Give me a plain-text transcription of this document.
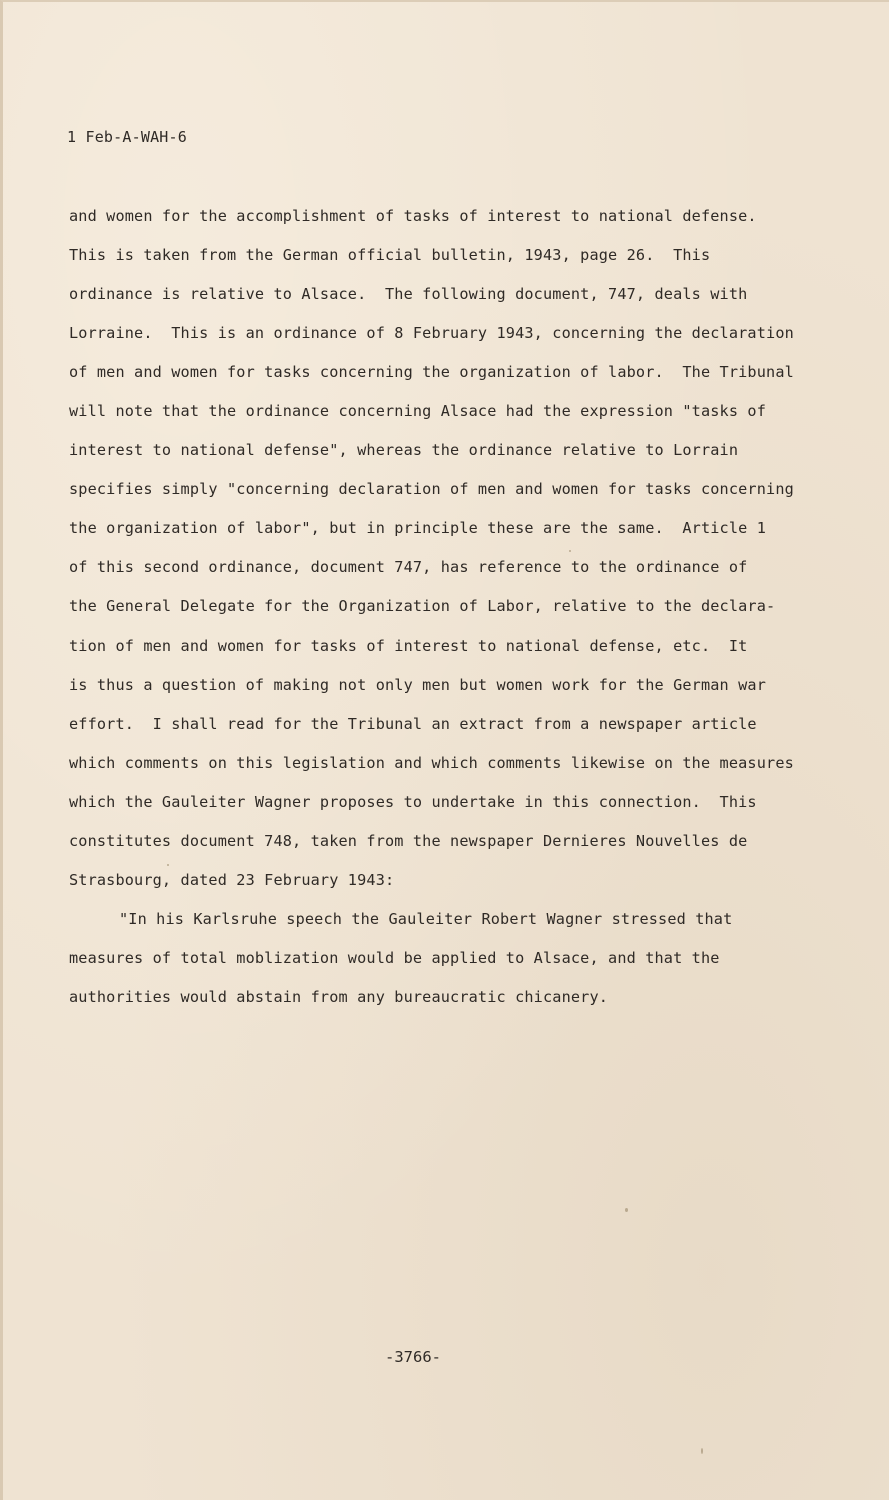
1 Feb-A-WAH-6
and women for the accomplishment of tasks of interest to national defense.
This is taken from the German official bulletin, 1943, page 26.  This
ordinance is relative to Alsace.  The following document, 747, deals with
Lorraine.  This is an ordinance of 8 February 1943, concerning the declaration
of men and women for tasks concerning the organization of labor.  The Tribunal
will note that the ordinance concerning Alsace had the expression "tasks of
interest to national defense", whereas the ordinance relative to Lorrain
specifies simply "concerning declaration of men and women for tasks concerning
the organization of labor", but in principle these are the same.  Article 1
of this second ordinance, document 747, has reference to the ordinance of
the General Delegate for the Organization of Labor, relative to the declara-
tion of men and women for tasks of interest to national defense, etc.  It
is thus a question of making not only men but women work for the German war
effort.  I shall read for the Tribunal an extract from a newspaper article
which comments on this legislation and which comments likewise on the measures
which the Gauleiter Wagner proposes to undertake in this connection.  This
constitutes document 748, taken from the newspaper Dernieres Nouvelles de
Strasbourg, dated 23 February 1943:
"In his Karlsruhe speech the Gauleiter Robert Wagner stressed that
measures of total moblization would be applied to Alsace, and that the
authorities would abstain from any bureaucratic chicanery.
-3766-
